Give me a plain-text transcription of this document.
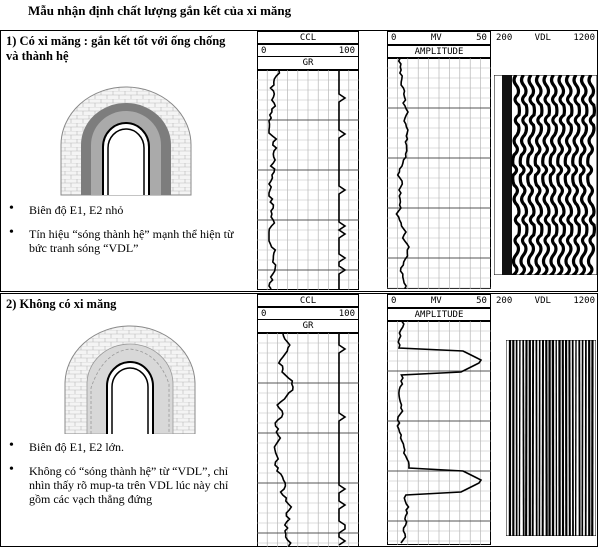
Mẫu nhận định chất lượng gắn kết của xi măng
1) Có xi măng : gắn kết tốt với ống chống và thành hệ
• Biên độ E1, E2 nhỏ
• Tín hiệu “sóng thành hệ” mạnh thể hiện từ bức tranh sóng “VDL”
CCL
0	100
GR
0	MV	50
AMPLITUDE
200 VDL 1200
2) Không có xi măng
• Biên độ E1, E2 lớn.
• Không có “sóng thành hệ” từ “VDL”, chỉ nhìn thấy rõ mup-ta trên VDL lúc này chỉ gồm các vạch thẳng đứng
CCL
0	100
GR
0	MV	50
AMPLITUDE
200 VDL 1200
